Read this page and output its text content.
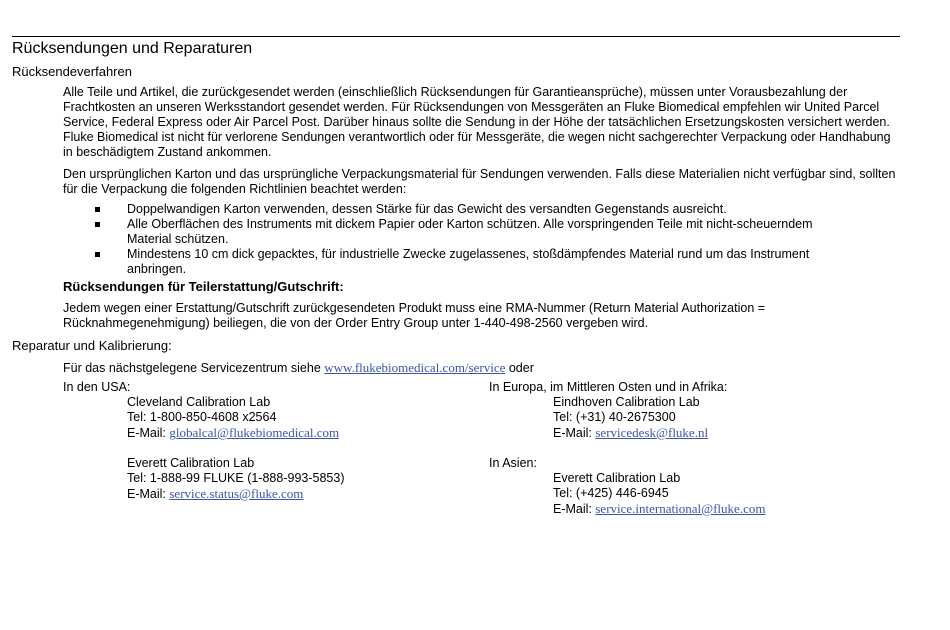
Rücksendungen und Reparaturen
Rücksendeverfahren
Alle Teile und Artikel, die zurückgesendet werden (einschließlich Rücksendungen für Garantieansprüche), müssen unter Vorausbezahlung der Frachtkosten an unseren Werksstandort gesendet werden. Für Rücksendungen von Messgeräten an Fluke Biomedical empfehlen wir United Parcel Service, Federal Express oder Air Parcel Post. Darüber hinaus sollte die Sendung in der Höhe der tatsächlichen Ersetzungskosten versichert werden. Fluke Biomedical ist nicht für verlorene Sendungen verantwortlich oder für Messgeräte, die wegen nicht sachgerechter Verpackung oder Handhabung in beschädigtem Zustand ankommen.
Den ursprünglichen Karton und das ursprüngliche Verpackungsmaterial für Sendungen verwenden. Falls diese Materialien nicht verfügbar sind, sollten für die Verpackung die folgenden Richtlinien beachtet werden:
Doppelwandigen Karton verwenden, dessen Stärke für das Gewicht des versandten Gegenstands ausreicht.
Alle Oberflächen des Instruments mit dickem Papier oder Karton schützen. Alle vorspringenden Teile mit nicht-scheuerndem Material schützen.
Mindestens 10 cm dick gepacktes, für industrielle Zwecke zugelassenes, stoßdämpfendes Material rund um das Instrument anbringen.
Rücksendungen für Teilerstattung/Gutschrift:
Jedem wegen einer Erstattung/Gutschrift zurückgesendeten Produkt muss eine RMA-Nummer (Return Material Authorization = Rücknahmegenehmigung) beiliegen, die von der Order Entry Group unter 1-440-498-2560 vergeben wird.
Reparatur und Kalibrierung:
Für das nächstgelegene Servicezentrum siehe www.flukebiomedical.com/service oder
In den USA:
Cleveland Calibration Lab
Tel: 1-800-850-4608 x2564
E-Mail: globalcal@flukebiomedical.com
Everett Calibration Lab
Tel: 1-888-99 FLUKE (1-888-993-5853)
E-Mail: service.status@fluke.com
In Europa, im Mittleren Osten und in Afrika:
Eindhoven Calibration Lab
Tel: (+31) 40-2675300
E-Mail: servicedesk@fluke.nl
In Asien:
Everett Calibration Lab
Tel: (+425) 446-6945
E-Mail: service.international@fluke.com
